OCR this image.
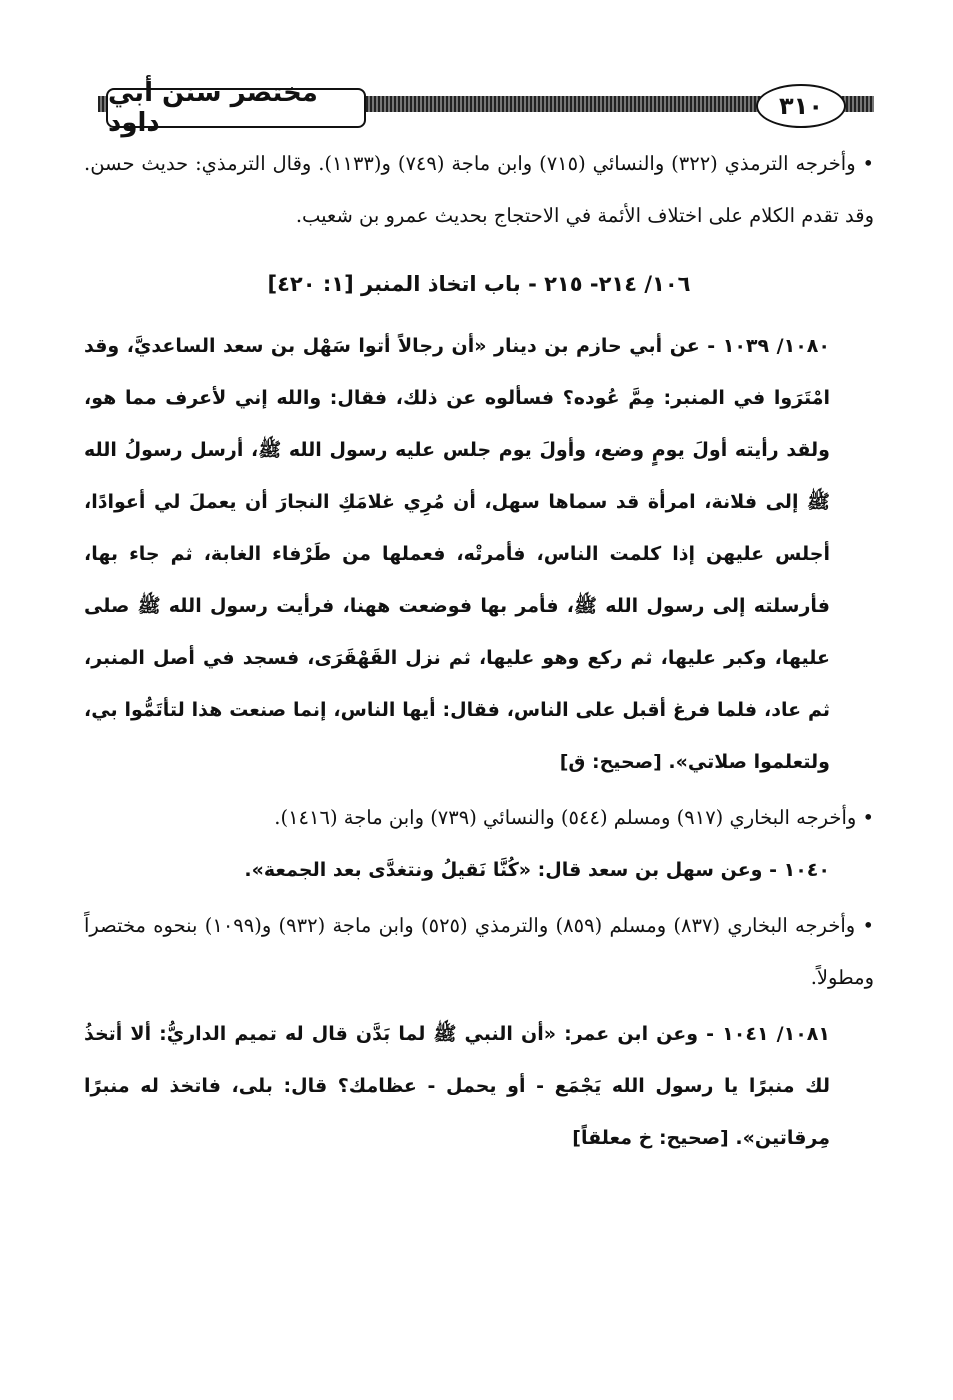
مختصر سنن أبي داود
٣١٠

• وأخرجه الترمذي (٣٢٢) والنسائي (٧١٥) وابن ماجة (٧٤٩) و(١١٣٣). وقال الترمذي: حديث حسن. وقد تقدم الكلام على اختلاف الأئمة في الاحتجاج بحديث عمرو بن شعيب.

١٠٦/ ٢١٤- ٢١٥ - باب اتخاذ المنبر [١: ٤٢٠]

١٠٨٠/ ١٠٣٩ - عن أبي حازم بن دينار «أن رجالاً أتوا سَهْل بن سعد الساعديَّ، وقد امْتَرَوا في المنبر: مِمَّ عُوده؟ فسألوه عن ذلك، فقال: والله إني لأعرف مما هو، ولقد رأيته أولَ يومٍ وضع، وأولَ يوم جلس عليه رسول الله ﷺ، أرسل رسولُ الله ﷺ إلى فلانة، امرأة قد سماها سهل، أن مُرِي غلامَكِ النجارَ أن يعملَ لي أعوادًا، أجلس عليهن إذا كلمت الناس، فأمرتْه، فعملها من طَرْفاء الغابة، ثم جاء بها، فأرسلته إلى رسول الله ﷺ، فأمر بها فوضعت ههنا، فرأيت رسول الله ﷺ صلى عليها، وكبر عليها، ثم ركع وهو عليها، ثم نزل القَهْقَرَى، فسجد في أصل المنبر، ثم عاد، فلما فرغ أقبل على الناس، فقال: أيها الناس، إنما صنعت هذا لتأتَمُّوا بي، ولتعلموا صلاتي». [صحيح: ق]

• وأخرجه البخاري (٩١٧) ومسلم (٥٤٤) والنسائي (٧٣٩) وابن ماجة (١٤١٦).

١٠٤٠ - وعن سهل بن سعد قال: «كُنَّا نَقيلُ ونتغدَّى بعد الجمعة».

• وأخرجه البخاري (٨٣٧) ومسلم (٨٥٩) والترمذي (٥٢٥) وابن ماجة (٩٣٢) و(١٠٩٩) بنحوه مختصراً ومطولاً.

١٠٨١/ ١٠٤١ - وعن ابن عمر: «أن النبي ﷺ لما بَدَّن قال له تميم الداريُّ: ألا أتخذُ لك منبرًا يا رسول الله يَجْمَع - أو يحمل - عظامك؟ قال: بلى، فاتخذ له منبرًا مِرقاتين». [صحيح: خ معلقاً]
